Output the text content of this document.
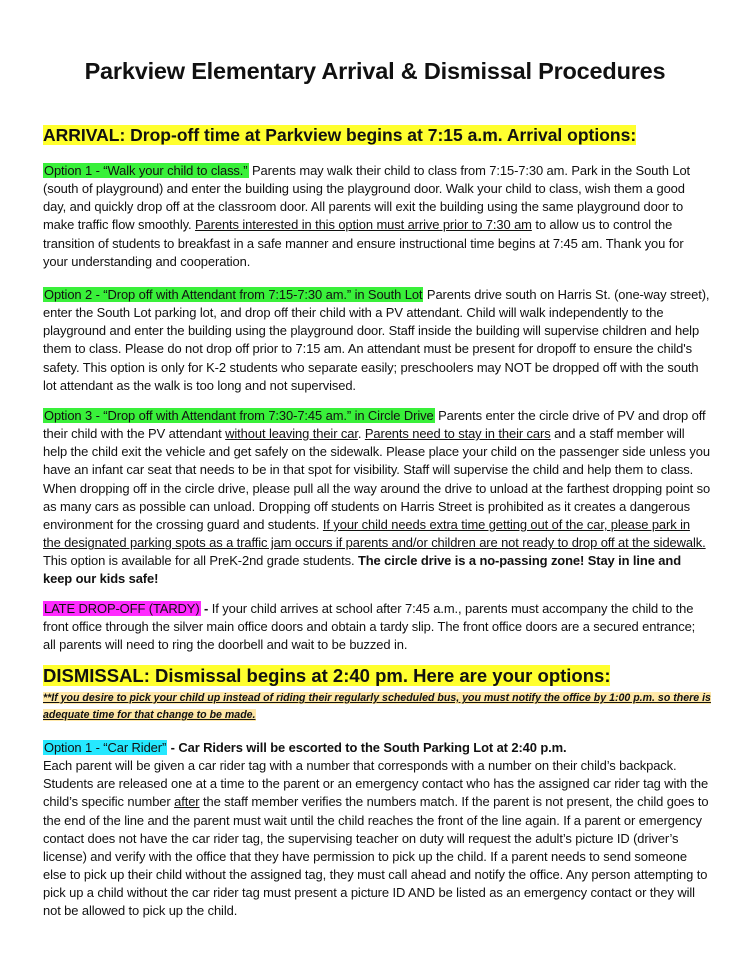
Parkview Elementary Arrival & Dismissal Procedures
ARRIVAL: Drop-off time at Parkview begins at 7:15 a.m. Arrival options:

Option 1 - “Walk your child to class.” Parents may walk their child to class from 7:15-7:30 am. Park in the South Lot (south of playground) and enter the building using the playground door. Walk your child to class, wish them a good day, and quickly drop off at the classroom door. All parents will exit the building using the same playground door to make traffic flow smoothly. Parents interested in this option must arrive prior to 7:30 am to allow us to control the transition of students to breakfast in a safe manner and ensure instructional time begins at 7:45 am. Thank you for your understanding and cooperation.

Option 2 - “Drop off with Attendant from 7:15-7:30 am.” in South Lot Parents drive south on Harris St. (one-way street), enter the South Lot parking lot, and drop off their child with a PV attendant. Child will walk independently to the playground and enter the building using the playground door. Staff inside the building will supervise children and help them to class. Please do not drop off prior to 7:15 am. An attendant must be present for dropoff to ensure the child's safety. This option is only for K-2 students who separate easily; preschoolers may NOT be dropped off with the south lot attendant as the walk is too long and not supervised.

Option 3 - “Drop off with Attendant from 7:30-7:45 am.” in Circle Drive Parents enter the circle drive of PV and drop off their child with the PV attendant without leaving their car. Parents need to stay in their cars and a staff member will help the child exit the vehicle and get safely on the sidewalk. Please place your child on the passenger side unless you have an infant car seat that needs to be in that spot for visibility. Staff will supervise the child and help them to class. When dropping off in the circle drive, please pull all the way around the drive to unload at the farthest dropping point so as many cars as possible can unload. Dropping off students on Harris Street is prohibited as it creates a dangerous environment for the crossing guard and students. If your child needs extra time getting out of the car, please park in the designated parking spots as a traffic jam occurs if parents and/or children are not ready to drop off at the sidewalk. This option is available for all PreK-2nd grade students. The circle drive is a no-passing zone! Stay in line and keep our kids safe!

LATE DROP-OFF (TARDY) - If your child arrives at school after 7:45 a.m., parents must accompany the child to the front office through the silver main office doors and obtain a tardy slip. The front office doors are a secured entrance; all parents will need to ring the doorbell and wait to be buzzed in.

DISMISSAL: Dismissal begins at 2:40 pm. Here are your options:

**If you desire to pick your child up instead of riding their regularly scheduled bus, you must notify the office by 1:00 p.m. so there is adequate time for that change to be made.

Option 1 - “Car Rider” - Car Riders will be escorted to the South Parking Lot at 2:40 p.m.
Each parent will be given a car rider tag with a number that corresponds with a number on their child’s backpack. Students are released one at a time to the parent or an emergency contact who has the assigned car rider tag with the child’s specific number after the staff member verifies the numbers match. If the parent is not present, the child goes to the end of the line and the parent must wait until the child reaches the front of the line again. If a parent or emergency contact does not have the car rider tag, the supervising teacher on duty will request the adult’s picture ID (driver’s license) and verify with the office that they have permission to pick up the child. If a parent needs to send someone else to pick up their child without the assigned tag, they must call ahead and notify the office. Any person attempting to pick up a child without the car rider tag must present a picture ID AND be listed as an emergency contact or they will not be allowed to pick up the child.
